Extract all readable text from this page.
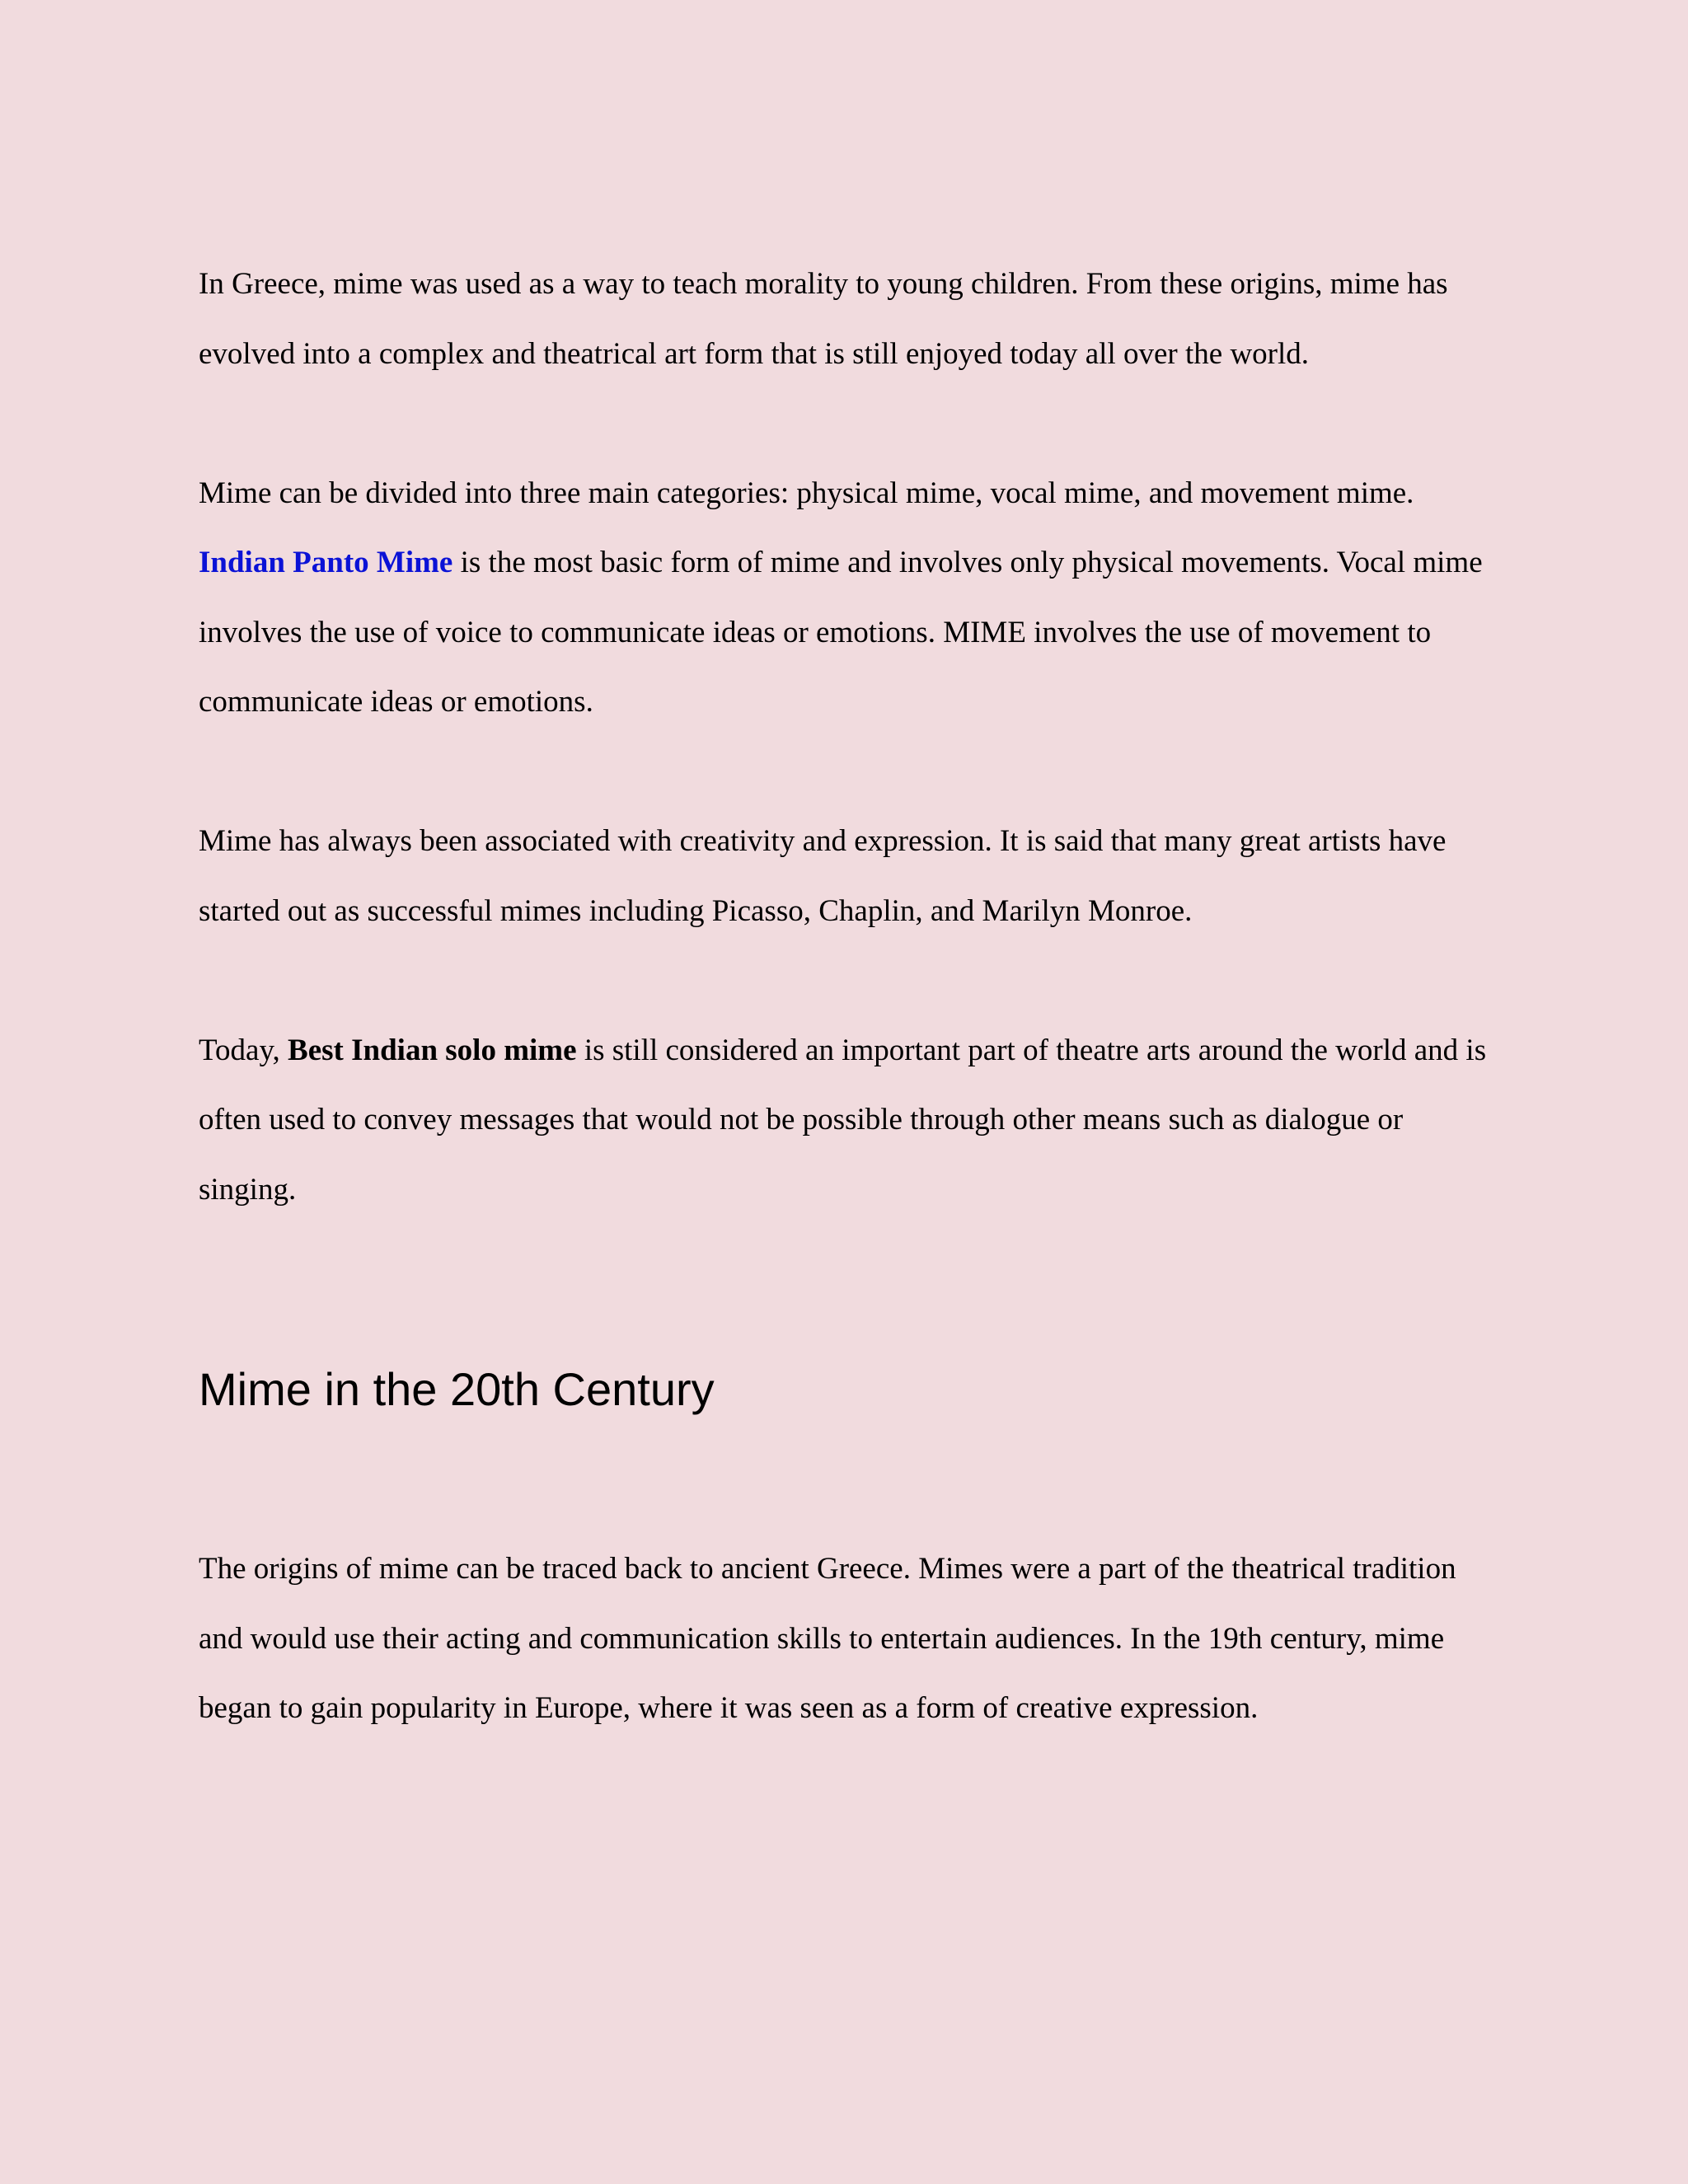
In Greece, mime was used as a way to teach morality to young children. From these origins, mime has evolved into a complex and theatrical art form that is still enjoyed today all over the world.

Mime can be divided into three main categories: physical mime, vocal mime, and movement mime.
Indian Panto Mime is the most basic form of mime and involves only physical movements. Vocal mime involves the use of voice to communicate ideas or emotions. MIME involves the use of movement to communicate ideas or emotions.

Mime has always been associated with creativity and expression. It is said that many great artists have started out as successful mimes including Picasso, Chaplin, and Marilyn Monroe.

Today, Best Indian solo mime is still considered an important part of theatre arts around the world and is often used to convey messages that would not be possible through other means such as dialogue or singing.

Mime in the 20th Century

The origins of mime can be traced back to ancient Greece. Mimes were a part of the theatrical tradition and would use their acting and communication skills to entertain audiences. In the 19th century, mime began to gain popularity in Europe, where it was seen as a form of creative expression.
